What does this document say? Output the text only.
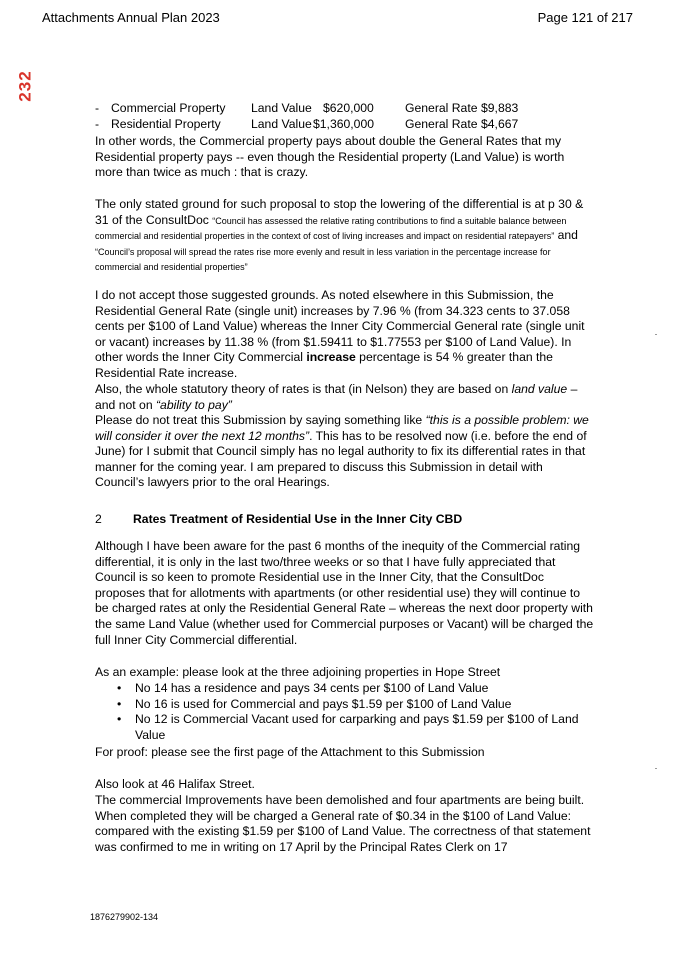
Attachments Annual Plan 2023	Page 121 of 217
232
- Commercial Property Land Value $620,000	General Rate $9,883
- Residential Property Land Value $1,360,000	General Rate $4,667

In other words, the Commercial property pays about double the General Rates that my Residential property pays -- even though the Residential property (Land Value) is worth more than twice as much : that is crazy.

The only stated ground for such proposal to stop the lowering of the differential is at p 30 & 31 of the ConsultDoc “Council has assessed the relative rating contributions to find a suitable balance between commercial and residential properties in the context of cost of living increases and impact on residential ratepayers” and “Council’s proposal will spread the rates rise more evenly and result in less variation in the percentage increase for commercial and residential properties”

I do not accept those suggested grounds. As noted elsewhere in this Submission, the Residential General Rate (single unit) increases by 7.96 % (from 34.323 cents to 37.058 cents per $100 of Land Value) whereas the Inner City Commercial General rate (single unit or vacant) increases by 11.38 % (from $1.59411 to $1.77553 per $100 of Land Value). In other words the Inner City Commercial increase percentage is 54 % greater than the Residential Rate increase.

Also, the whole statutory theory of rates is that (in Nelson) they are based on land value – and not on “ability to pay”

Please do not treat this Submission by saying something like “this is a possible problem: we will consider it over the next 12 months”. This has to be resolved now (i.e. before the end of June) for I submit that Council simply has no legal authority to fix its differential rates in that manner for the coming year. I am prepared to discuss this Submission in detail with Council’s lawyers prior to the oral Hearings.

2	Rates Treatment of Residential Use in the Inner City CBD

Although I have been aware for the past 6 months of the inequity of the Commercial rating differential, it is only in the last two/three weeks or so that I have fully appreciated that Council is so keen to promote Residential use in the Inner City, that the ConsultDoc proposes that for allotments with apartments (or other residential use) they will continue to be charged rates at only the Residential General Rate – whereas the next door property with the same Land Value (whether used for Commercial purposes or Vacant) will be charged the full Inner City Commercial differential.

As an example: please look at the three adjoining properties in Hope Street

• No 14 has a residence and pays 34 cents per $100 of Land Value
• No 16 is used for Commercial and pays $1.59 per $100 of Land Value
• No 12 is Commercial Vacant used for carparking and pays $1.59 per $100 of Land Value

For proof: please see the first page of the Attachment to this Submission

Also look at 46 Halifax Street.

The commercial Improvements have been demolished and four apartments are being built. When completed they will be charged a General rate of $0.34 in the $100 of Land Value: compared with the existing $1.59 per $100 of Land Value. The correctness of that statement was confirmed to me in writing on 17 April by the Principal Rates Clerk on 17

1876279902-134
